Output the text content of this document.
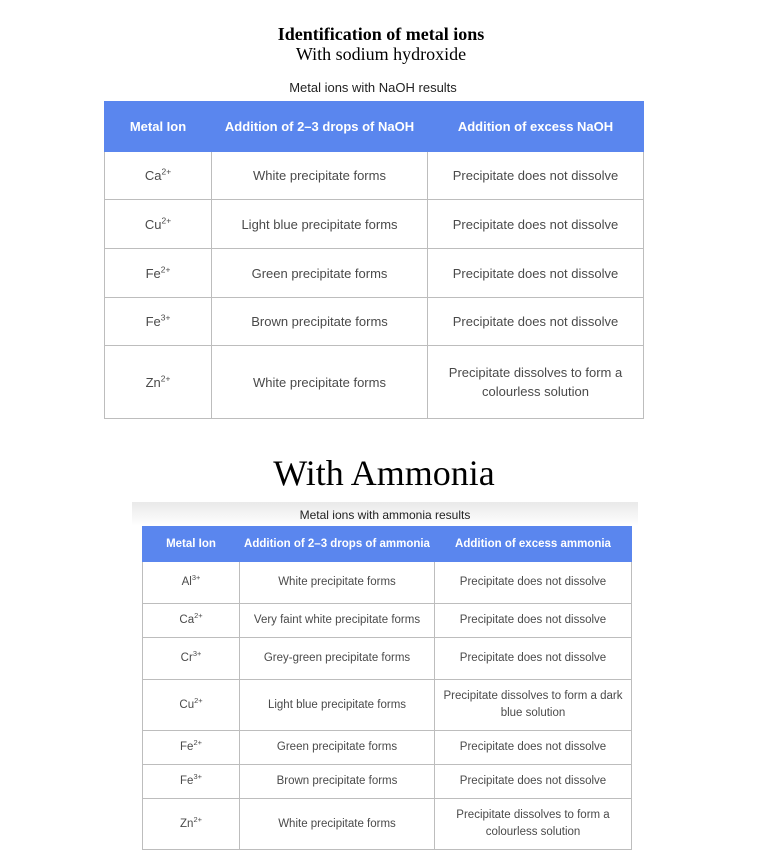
Identification of metal ions
With sodium hydroxide
Metal ions with NaOH results
Metal Ion	Addition of 2–3 drops of NaOH	Addition of excess NaOH
$Ca^{2+}$	White precipitate forms	Precipitate does not dissolve
$Cu^{2+}$	Light blue precipitate forms	Precipitate does not dissolve
$Fe^{2+}$	Green precipitate forms	Precipitate does not dissolve
$Fe^{3+}$	Brown precipitate forms	Precipitate does not dissolve
$Zn^{2+}$	White precipitate forms	Precipitate dissolves to form a colourless solution
With Ammonia
Metal ions with ammonia results
Metal Ion	Addition of 2–3 drops of ammonia	Addition of excess ammonia
$Al^{3+}$	White precipitate forms	Precipitate does not dissolve
$Ca^{2+}$	Very faint white precipitate forms	Precipitate does not dissolve
$Cr^{3+}$	Grey-green precipitate forms	Precipitate does not dissolve
$Cu^{2+}$	Light blue precipitate forms	Precipitate dissolves to form a dark blue solution
$Fe^{2+}$	Green precipitate forms	Precipitate does not dissolve
$Fe^{3+}$	Brown precipitate forms	Precipitate does not dissolve
$Zn^{2+}$	White precipitate forms	Precipitate dissolves to form a colourless solution
